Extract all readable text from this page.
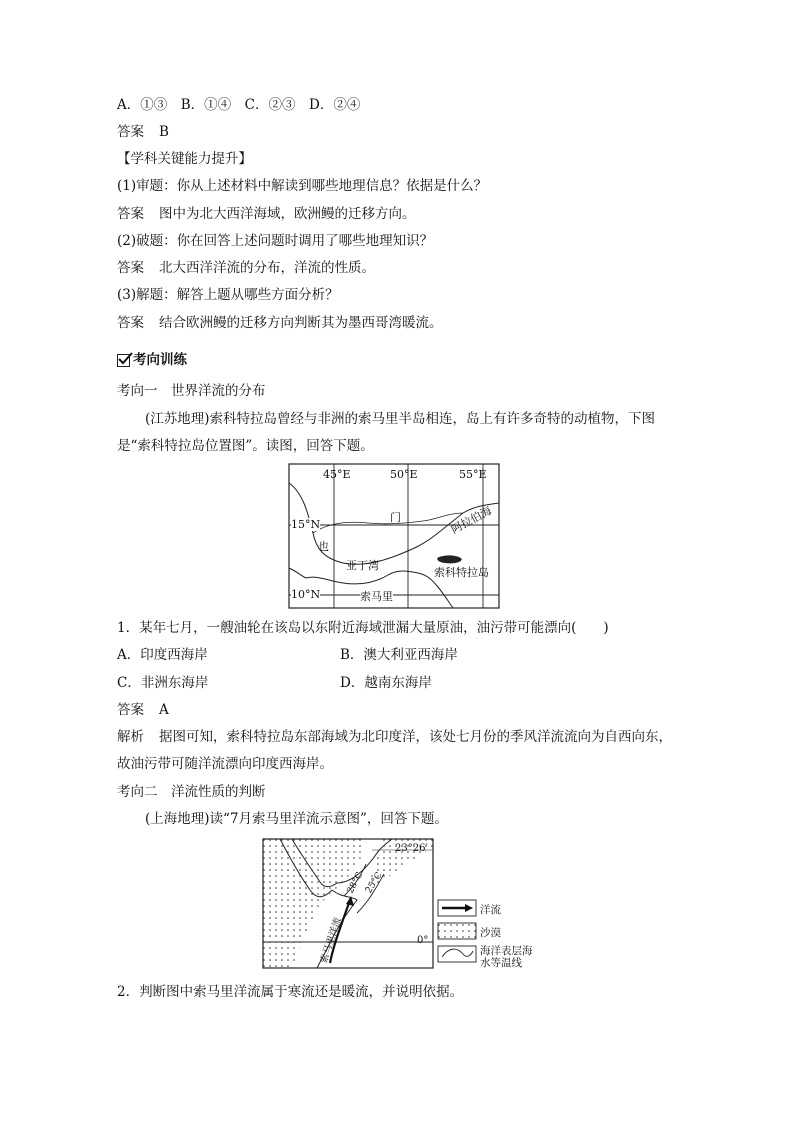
A．①③　B．①④　C．②③　D．②④
答案 B
【学科关键能力提升】
(1)审题：你从上述材料中解读到哪些地理信息？依据是什么？
答案 图中为北大西洋海域，欧洲鳗的迁移方向。
(2)破题：你在回答上述问题时调用了哪些地理知识？
答案 北大西洋洋流的分布，洋流的性质。
(3)解题：解答上题从哪些方面分析？
答案 结合欧洲鳗的迁移方向判断其为墨西哥湾暖流。
考向训练
考向一　世界洋流的分布
(江苏地理)索科特拉岛曾经与非洲的索马里半岛相连，岛上有许多奇特的动植物，下图
是“索科特拉岛位置图”。读图，回答下题。
45°E	50°E	55°E
15°N
10°N
门
也
亚丁湾
阿拉伯海
索科特拉岛
索马里
1．某年七月，一艘油轮在该岛以东附近海域泄漏大量原油，油污带可能漂向(　　)
A．印度西海岸	B．澳大利亚西海岸
C．非洲东海岸	D．越南东海岸
答案 A
解析 据图可知，索科特拉岛东部海域为北印度洋，该处七月份的季风洋流流向为自西向东，
故油污带可随洋流漂向印度西海岸。
考向二　洋流性质的判断
(上海地理)读“7月索马里洋流示意图”，回答下题。
23°26′
0°
28°C
25°C
索马里洋流
洋流
沙漠
海洋表层海
水等温线
2．判断图中索马里洋流属于寒流还是暖流，并说明依据。
